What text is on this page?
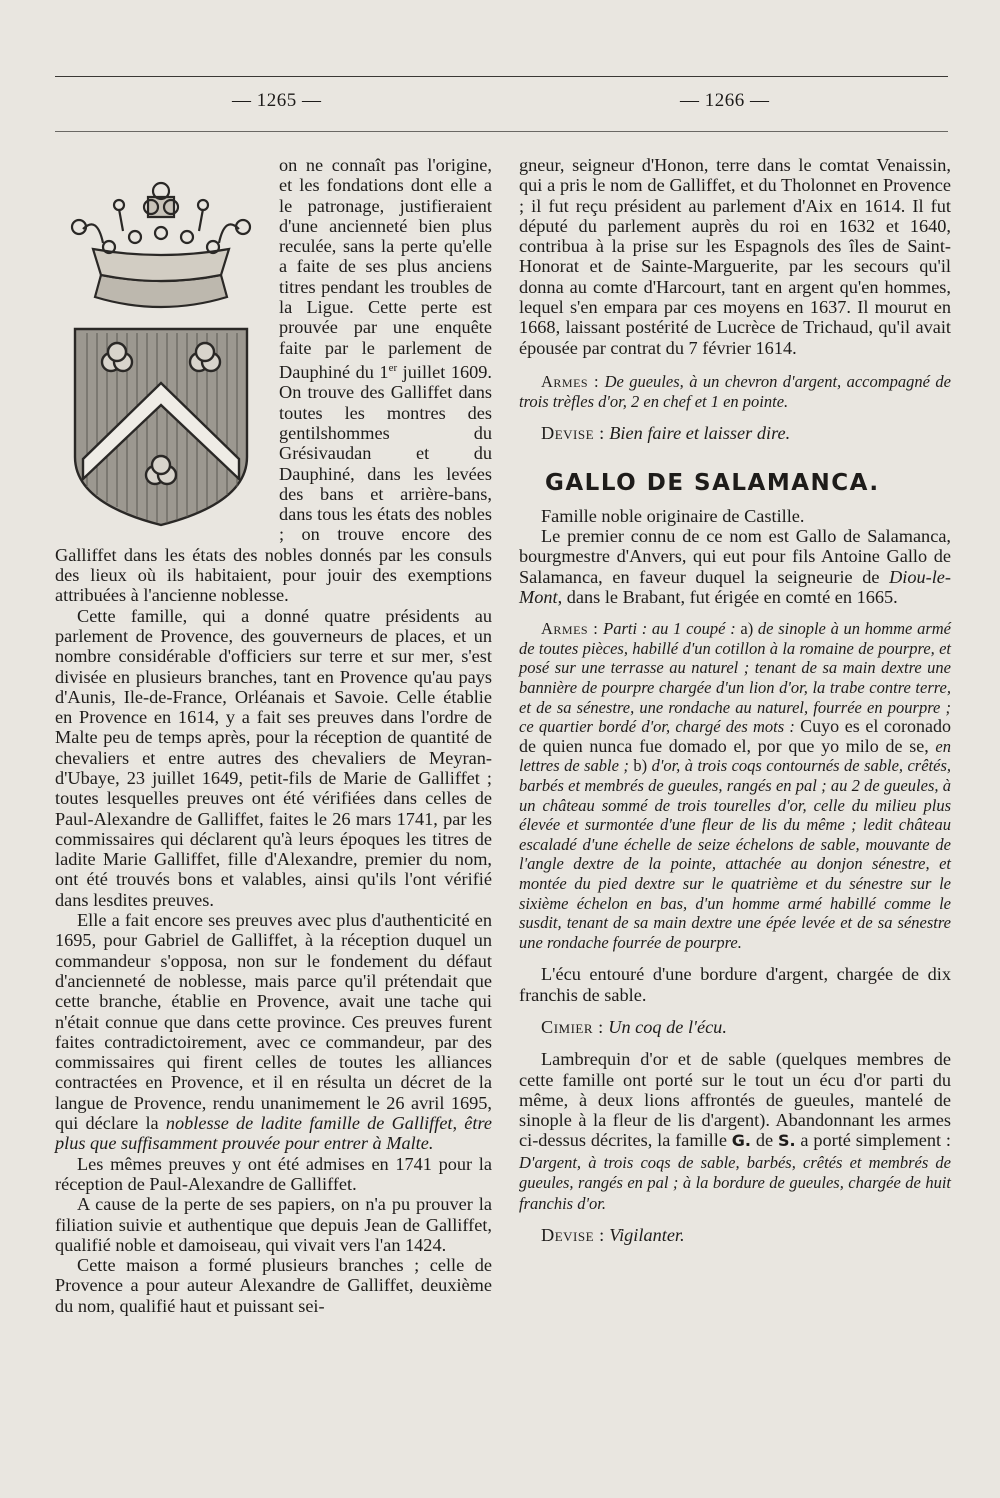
— 1265 —	— 1266 —

on ne connaît pas l'origine, et les fondations dont elle a le patronage, justifieraient d'une ancienneté bien plus reculée, sans la perte qu'elle a faite de ses plus anciens titres pendant les troubles de la Ligue. Cette perte est prouvée par une enquête faite par le parlement de Dauphiné du 1er juillet 1609. On trouve des Galliffet dans toutes les montres des gentilshommes du Grésivaudan et du Dauphiné, dans les levées des bans et arrière-bans, dans tous les états des nobles ; on trouve encore des Galliffet dans les états des nobles donnés par les consuls des lieux où ils habitaient, pour jouir des exemptions attribuées à l'ancienne noblesse.

Cette famille, qui a donné quatre présidents au parlement de Provence, des gouverneurs de places, et un nombre considérable d'officiers sur terre et sur mer, s'est divisée en plusieurs branches, tant en Provence qu'au pays d'Aunis, Ile-de-France, Orléanais et Savoie. Celle établie en Provence en 1614, y a fait ses preuves dans l'ordre de Malte peu de temps après, pour la réception de quantité de chevaliers et entre autres des chevaliers de Meyran-d'Ubaye, 23 juillet 1649, petit-fils de Marie de Galliffet ; toutes lesquelles preuves ont été vérifiées dans celles de Paul-Alexandre de Galliffet, faites le 26 mars 1741, par les commissaires qui déclarent qu'à leurs époques les titres de ladite Marie Galliffet, fille d'Alexandre, premier du nom, ont été trouvés bons et valables, ainsi qu'ils l'ont vérifié dans lesdites preuves.

Elle a fait encore ses preuves avec plus d'authenticité en 1695, pour Gabriel de Galliffet, à la réception duquel un commandeur s'opposa, non sur le fondement du défaut d'ancienneté de noblesse, mais parce qu'il prétendait que cette branche, établie en Provence, avait une tache qui n'était connue que dans cette province. Ces preuves furent faites contradictoirement, avec ce commandeur, par des commissaires qui firent celles de toutes les alliances contractées en Provence, et il en résulta un décret de la langue de Provence, rendu unanimement le 26 avril 1695, qui déclare la noblesse de ladite famille de Galliffet, être plus que suffisamment prouvée pour entrer à Malte.

Les mêmes preuves y ont été admises en 1741 pour la réception de Paul-Alexandre de Galliffet.

A cause de la perte de ses papiers, on n'a pu prouver la filiation suivie et authentique que depuis Jean de Galliffet, qualifié noble et damoiseau, qui vivait vers l'an 1424.

Cette maison a formé plusieurs branches ; celle de Provence a pour auteur Alexandre de Galliffet, deuxième du nom, qualifié haut et puissant sei-

gneur, seigneur d'Honon, terre dans le comtat Venaissin, qui a pris le nom de Galliffet, et du Tholonnet en Provence ; il fut reçu président au parlement d'Aix en 1614. Il fut député du parlement auprès du roi en 1632 et 1640, contribua à la prise sur les Espagnols des îles de Saint-Honorat et de Sainte-Marguerite, par les secours qu'il donna au comte d'Harcourt, tant en argent qu'en hommes, lequel s'en empara par ces moyens en 1637. Il mourut en 1668, laissant postérité de Lucrèce de Trichaud, qu'il avait épousée par contrat du 7 février 1614.

Armes : De gueules, à un chevron d'argent, accompagné de trois trèfles d'or, 2 en chef et 1 en pointe.

Devise : Bien faire et laisser dire.

GALLO DE SALAMANCA.

Famille noble originaire de Castille.

Le premier connu de ce nom est Gallo de Salamanca, bourgmestre d'Anvers, qui eut pour fils Antoine Gallo de Salamanca, en faveur duquel la seigneurie de Diou-le-Mont, dans le Brabant, fut érigée en comté en 1665.

Armes : Parti : au 1 coupé : a) de sinople à un homme armé de toutes pièces, habillé d'un cotillon à la romaine de pourpre, et posé sur une terrasse au naturel ; tenant de sa main dextre une bannière de pourpre chargée d'un lion d'or, la trabe contre terre, et de sa sénestre, une rondache au naturel, fourrée en pourpre ; ce quartier bordé d'or, chargé des mots : Cuyo es el coronado de quien nunca fue domado el, por que yo milo de se, en lettres de sable ; b) d'or, à trois coqs contournés de sable, crêtés, barbés et membrés de gueules, rangés en pal ; au 2 de gueules, à un château sommé de trois tourelles d'or, celle du milieu plus élevée et surmontée d'une fleur de lis du même ; ledit château escaladé d'une échelle de seize échelons de sable, mouvante de l'angle dextre de la pointe, attachée au donjon sénestre, et montée du pied dextre sur le quatrième et du sénestre sur le sixième échelon en bas, d'un homme armé habillé comme le susdit, tenant de sa main dextre une épée levée et de sa sénestre une rondache fourrée de pourpre.

L'écu entouré d'une bordure d'argent, chargée de dix franchis de sable.

Cimier : Un coq de l'écu.

Lambrequin d'or et de sable (quelques membres de cette famille ont porté sur le tout un écu d'or parti du même, à deux lions affrontés de gueules, mantelé de sinople à la fleur de lis d'argent). Abandonnant les armes ci-dessus décrites, la famille G. de S. a porté simplement : D'argent, à trois coqs de sable, barbés, crêtés et membrés de gueules, rangés en pal ; à la bordure de gueules, chargée de huit franchis d'or.

Devise : Vigilanter.
